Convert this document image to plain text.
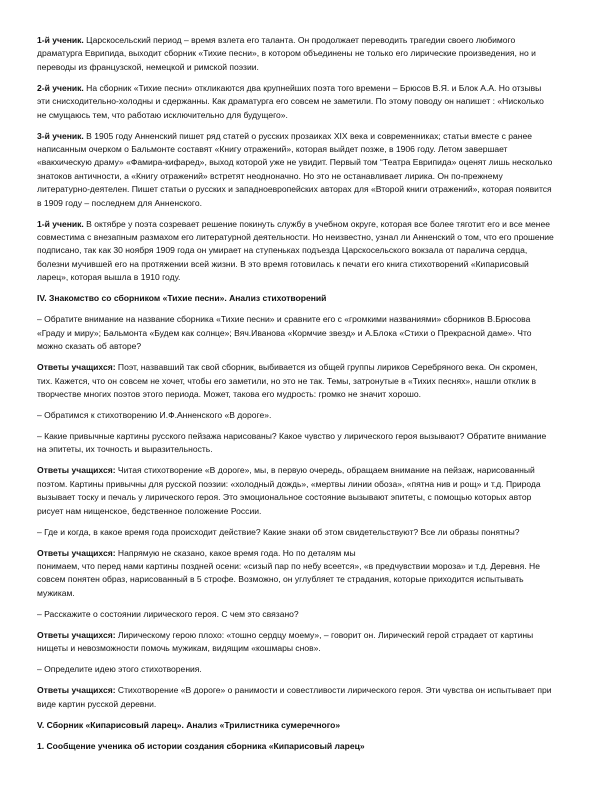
1-й ученик. Царскосельский период – время взлета его таланта. Он продолжает переводить трагедии своего любимого драматурга Еврипида, выходит сборник «Тихие песни», в котором объединены не только его лирические произведения, но и переводы из французской, немецкой и римской поэзии.

2-й ученик. На сборник «Тихие песни» откликаются два крупнейших поэта того времени – Брюсов В.Я. и Блок А.А. Но отзывы эти снисходительно-холодны и сдержанны. Как драматурга его совсем не заметили. По этому поводу он напишет : «Нисколько не смущаюсь тем, что работаю исключительно для будущего».

3-й ученик. В 1905 году Анненский пишет ряд статей о русских прозаиках XIX века и современниках; статьи вместе с ранее написанным очерком о Бальмонте составят «Книгу отражений», которая выйдет позже, в 1906 году. Летом завершает «вакхическую драму» «Фамира-кифаред», выход которой уже не увидит. Первый том “Театра Еврипида» оценят лишь несколько знатоков античности, а «Книгу отражений» встретят неодноначно. Но это не останавливает лирика. Он по-прежнему литературно-деятелен. Пишет статьи о русских и западноевропейских авторах для «Второй книги отражений», которая появится в 1909 году – последнем для Анненского.

1-й ученик. В октябре у поэта созревает решение покинуть службу в учебном округе, которая все более тяготит его и все менее совместима с внезапным размахом его литературной деятельности. Но неизвестно, узнал ли Анненский о том, что его прошение подписано, так как 30 ноября 1909 года он умирает на ступеньках подъезда Царскосельского вокзала от паралича сердца, болезни мучившей его на протяжении всей жизни. В это время готовилась к печати его книга стихотворений «Кипарисовый ларец», которая вышла в 1910 году.

IV. Знакомство со сборником «Тихие песни». Анализ стихотворений

– Обратите внимание на название сборника «Тихие песни» и сравните его с «громкими названиями» сборников В.Брюсова «Граду и миру»; Бальмонта «Будем как солнце»; Вяч.Иванова «Кормчие звезд» и А.Блока «Стихи о Прекрасной даме». Что можно сказать об авторе?

Ответы учащихся: Поэт, назвавший так свой сборник, выбивается из общей группы лириков Серебряного века. Он скромен, тих. Кажется, что он совсем не хочет, чтобы его заметили, но это не так. Темы, затронутые в «Тихих песнях», нашли отклик в творчестве многих поэтов этого периода. Может, такова его мудрость: громко не значит хорошо.

– Обратимся к стихотворению И.Ф.Анненского «В дороге».

– Какие привычные картины русского пейзажа нарисованы? Какое чувство у лирического героя вызывают? Обратите внимание на эпитеты, их точность и выразительность.

Ответы учащихся: Читая стихотворение «В дороге», мы, в первую очередь, обращаем внимание на пейзаж, нарисованный поэтом. Картины привычны для русской поэзии: «холодный дождь», «мертвы линии обоза», «пятна нив и рощ» и т.д. Природа вызывает тоску и печаль у лирического героя. Это эмоциональное состояние вызывают эпитеты, с помощью которых автор рисует нам нищенское, бедственное положение России.

– Где и когда, в какое время года происходит действие? Какие знаки об этом свидетельствуют? Все ли образы понятны?

Ответы учащихся: Напрямую не сказано, какое время года. Но по деталям мы
понимаем, что перед нами картины поздней осени: «сизый пар по небу всеется», «в предчувствии мороза» и т.д. Деревня. Не совсем понятен образ, нарисованный в 5 строфе. Возможно, он углубляет те страдания, которые приходится испытывать мужикам.

– Расскажите о состоянии лирического героя. С чем это связано?

Ответы учащихся: Лирическому герою плохо: «тошно сердцу моему», – говорит он. Лирический герой страдает от картины нищеты и невозможности помочь мужикам, видящим «кошмары снов».

– Определите идею этого стихотворения.

Ответы учащихся: Стихотворение «В дороге» о ранимости и совестливости лирического героя. Эти чувства он испытывает при виде картин русской деревни.

V. Сборник «Кипарисовый ларец». Анализ «Трилистника сумеречного»

1. Сообщение ученика об истории создания сборника «Кипарисовый ларец»
